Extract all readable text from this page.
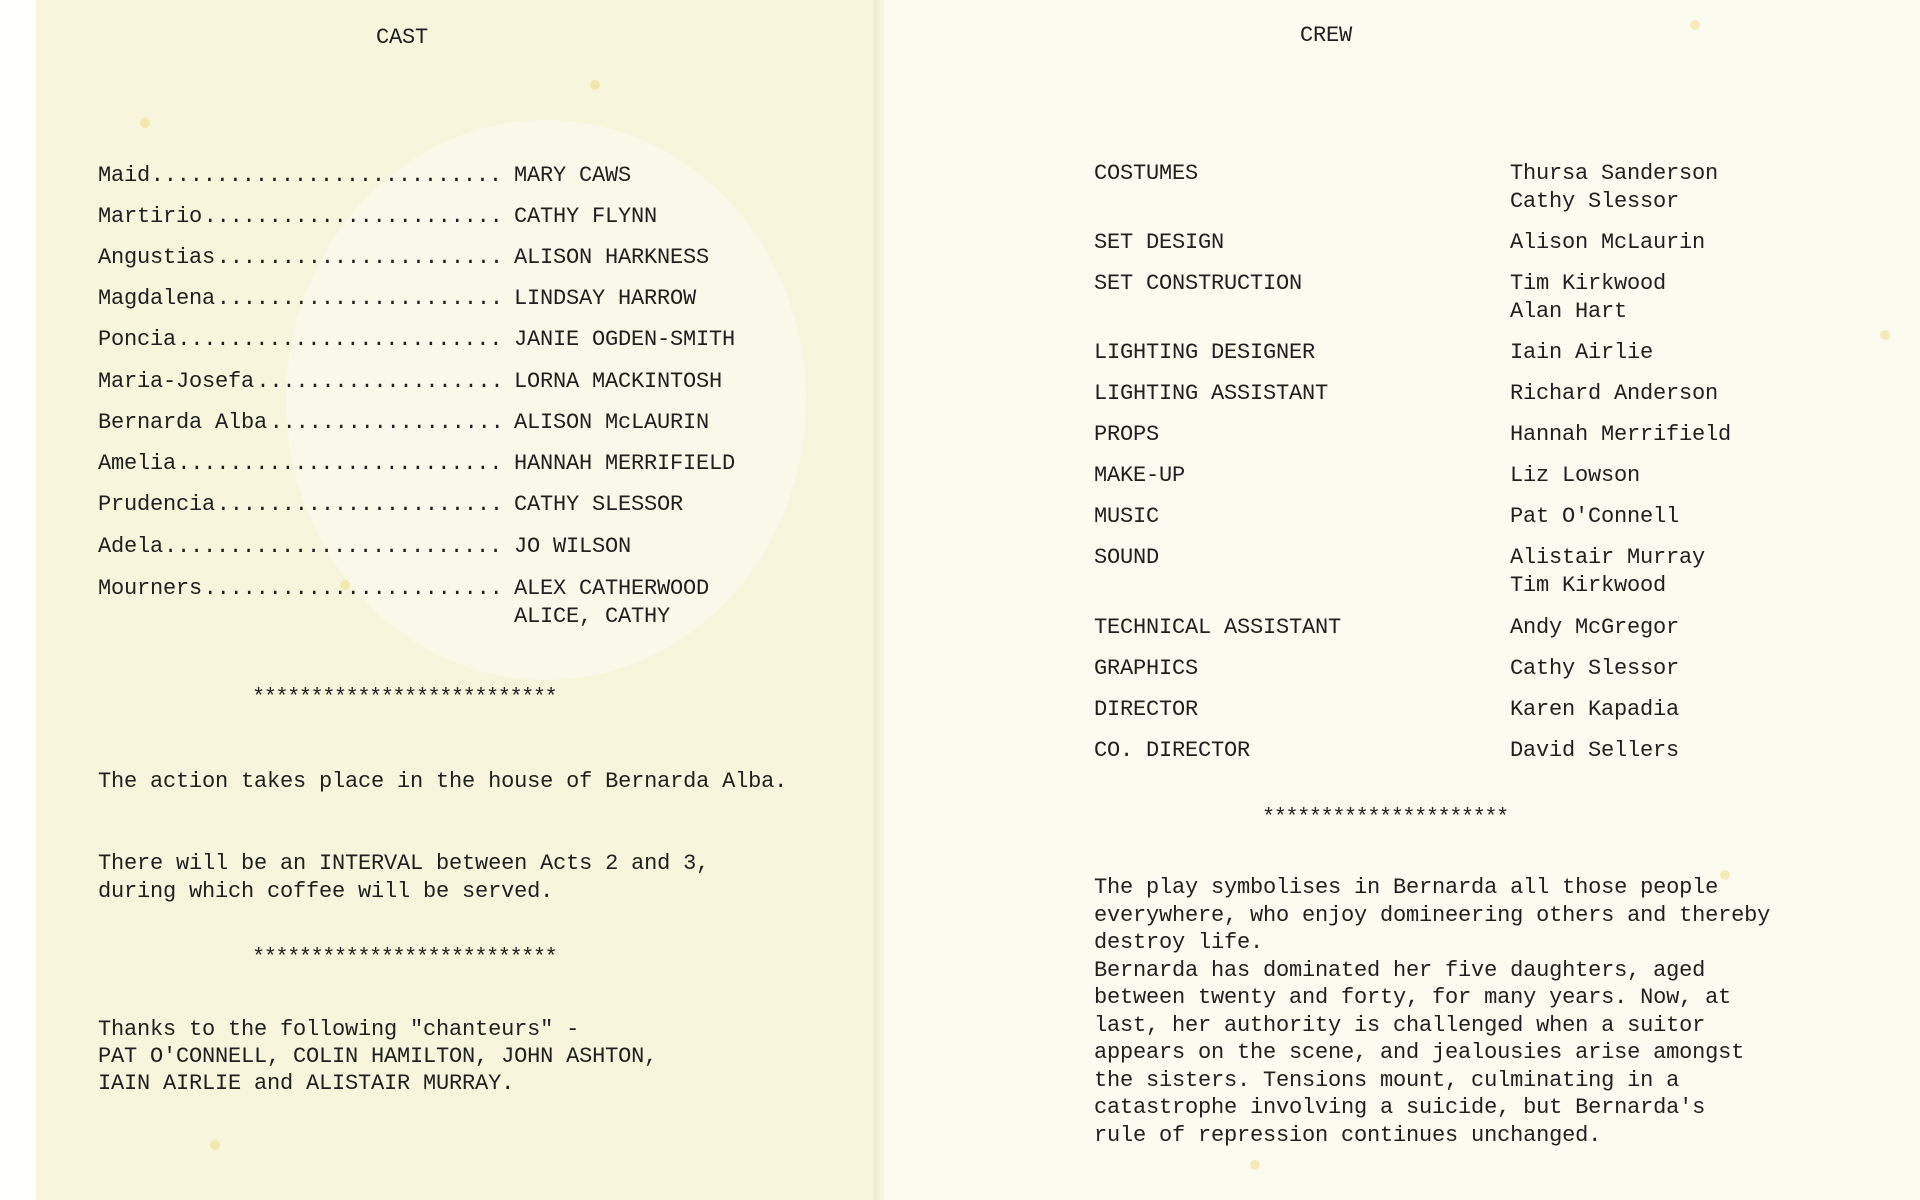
CAST
Maid ........................... MARY CAWS
Martirio ....................... CATHY FLYNN
Angustias ...................... ALISON HARKNESS
Magdalena ...................... LINDSAY HARROW
Poncia ......................... JANIE OGDEN-SMITH
Maria-Josefa ................... LORNA MACKINTOSH
Bernarda Alba .................. ALISON McLAURIN
Amelia ......................... HANNAH MERRIFIELD
Prudencia ...................... CATHY SLESSOR
Adela .......................... JO WILSON
Mourners ....................... ALEX CATHERWOOD
ALICE, CATHY
**************************
The action takes place in the house of Bernarda Alba.
There will be an INTERVAL between Acts 2 and 3,
during which coffee will be served.
**************************
Thanks to the following "chanteurs" -
PAT O'CONNELL, COLIN HAMILTON, JOHN ASHTON,
IAIN AIRLIE and ALISTAIR MURRAY.
CREW
COSTUMES	Thursa Sanderson
Cathy Slessor
SET DESIGN	Alison McLaurin
SET CONSTRUCTION	Tim Kirkwood
Alan Hart
LIGHTING DESIGNER	Iain Airlie
LIGHTING ASSISTANT	Richard Anderson
PROPS	Hannah Merrifield
MAKE-UP	Liz Lowson
MUSIC	Pat O'Connell
SOUND	Alistair Murray
Tim Kirkwood
TECHNICAL ASSISTANT	Andy McGregor
GRAPHICS	Cathy Slessor
DIRECTOR	Karen Kapadia
CO. DIRECTOR	David Sellers
*********************
The play symbolises in Bernarda all those people
everywhere, who enjoy domineering others and thereby
destroy life.
Bernarda has dominated her five daughters, aged
between twenty and forty, for many years. Now, at
last, her authority is challenged when a suitor
appears on the scene, and jealousies arise amongst
the sisters. Tensions mount, culminating in a
catastrophe involving a suicide, but Bernarda's
rule of repression continues unchanged.
